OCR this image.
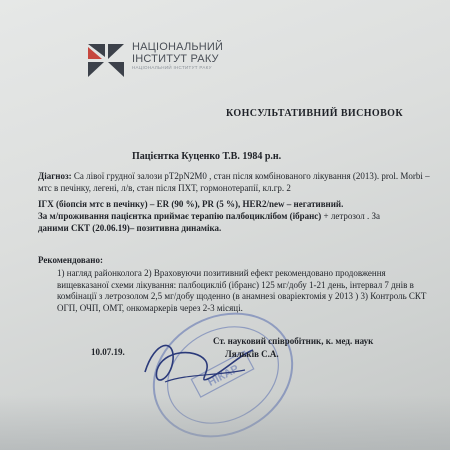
НАЦІОНАЛЬНИЙ
ІНСТИТУТ РАКУ
НАЦІОНАЛЬНИЙ ІНСТИТУТ РАКУ
КОНСУЛЬТАТИВНИЙ ВИСНОВОК
Пацієнтка Куценко Т.В. 1984 р.н.
Діагноз: Са лівої грудної залози pT2pN2M0 , стан після комбінованого лікування (2013). prol. Morbi – мтс в печінку, легені, л/в, стан після ПХТ, гормонотерапії, кл.гр. 2
ІГХ (біопсія мтс в печінку) – ER (90 %), PR (5 %), HER2/new – негативний.
За м/проживання пацієнтка приймає терапію палбоциклібом (ібранс) + летрозол . За
даними СКТ (20.06.19)– позитивна динаміка.
Рекомендовано:
1) нагляд районколога 2) Враховуючи позитивний ефект рекомендовано продовження вищевказаної схеми лікування: палбоцикліб (ібранс) 125 мг/добу 1-21 день, інтервал 7 днів в комбінації з летрозолом 2,5 мг/добу щоденно (в анамнезі оваріектомія у 2013 ) 3) Контроль СКТ ОГП, ОЧП, ОМТ, онкомаркерів через 2-3 місяці.
НІКАР
10.07.19.
Ст. науковий співробітник, к. мед. наук
Ляльків С.А.
